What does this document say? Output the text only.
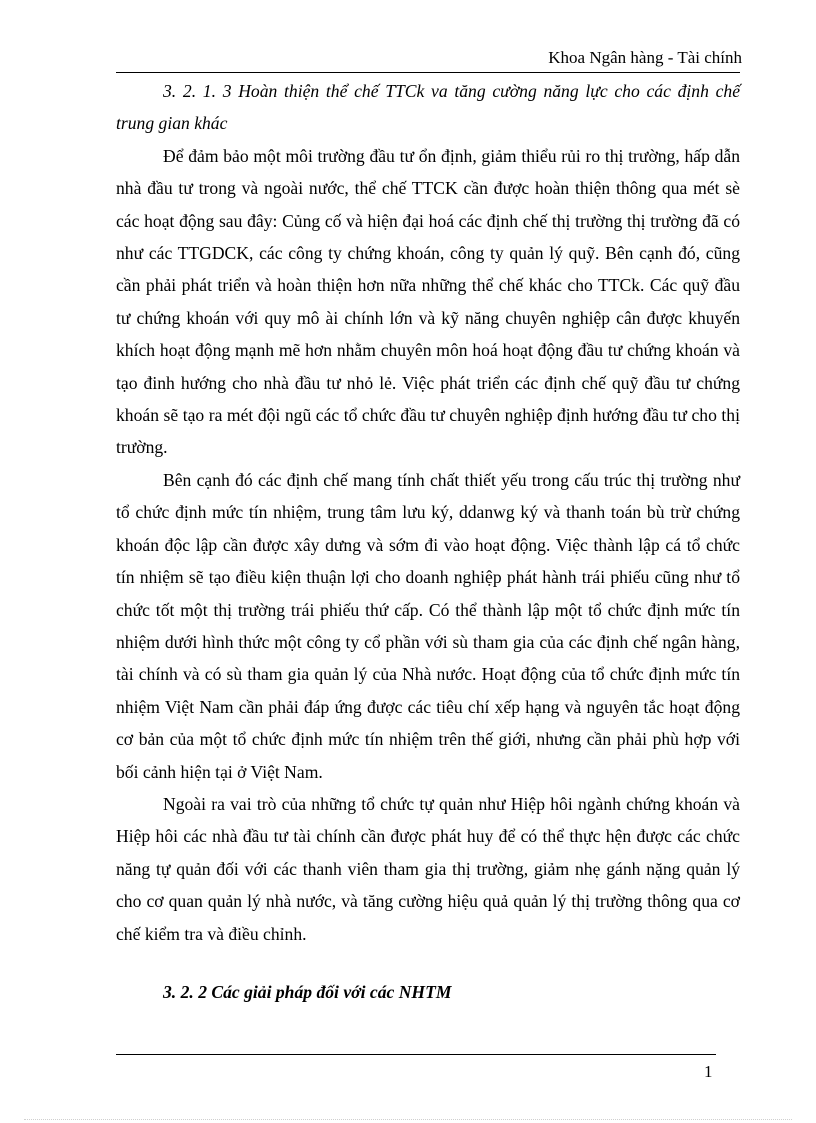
Khoa Ngân hàng - Tài chính

3. 2. 1. 3 Hoàn thiện thể chế TTCk va tăng cường năng lực cho các định chế trung gian khác

Để đảm bảo một môi trường đầu tư ổn định, giảm thiểu rủi ro thị trường, hấp dẫn nhà đầu tư trong và ngoài nước, thể chế TTCK cần được hoàn thiện thông qua mét sè các hoạt động sau đây: Củng cố và hiện đại hoá các định chế thị trường thị trường đã có như các TTGDCK, các công ty chứng khoán, công ty quản lý quỹ. Bên cạnh đó, cũng cần phải phát triển và hoàn thiện hơn nữa những thể chế khác cho TTCk. Các quỹ đầu tư chứng khoán với quy mô ài chính lớn và kỹ năng chuyên nghiệp cân được khuyến khích hoạt động mạnh mẽ hơn nhằm chuyên môn hoá hoạt động đầu tư chứng khoán và tạo đinh hướng cho nhà đầu tư nhỏ lẻ. Việc phát triển các định chế quỹ đầu tư chứng khoán sẽ tạo ra mét đội ngũ các tổ chức đầu tư chuyên nghiệp định hướng đầu tư cho thị trường.

Bên cạnh đó các định chế mang tính chất thiết yếu trong cấu trúc thị trường như tổ chức định mức tín nhiệm, trung tâm lưu ký, ddanwg ký và thanh toán bù trừ chứng khoán độc lập cần được xây dưng và sớm đi vào hoạt động. Việc thành lập cá tổ chức tín nhiệm sẽ tạo điều kiện thuận lợi cho doanh nghiệp phát hành trái phiếu cũng như tổ chức tốt một thị trường trái phiếu thứ cấp. Có thể thành lập một tổ chức định mức tín nhiệm dưới hình thức một công ty cổ phần với sù tham gia của các định chế ngân hàng, tài chính và có sù tham gia quản lý của Nhà nước. Hoạt động của tổ chức định mức tín nhiệm Việt Nam cần phải đáp ứng được các tiêu chí xếp hạng và nguyên tắc hoạt động cơ bản của một tổ chức định mức tín nhiệm trên thế giới, nhưng cần phải phù hợp với bối cảnh hiện tại ở Việt Nam.

Ngoài ra vai trò của những tổ chức tự quản như Hiệp hôi ngành chứng khoán và Hiệp hôi các nhà đầu tư tài chính cần được phát huy để có thể thực hện được các chức năng tự quản đối với các thanh viên tham gia thị trường, giảm nhẹ gánh nặng quản lý cho cơ quan quản lý nhà nước, và tăng cường hiệu quả quản lý thị trường thông qua cơ chế kiểm tra và điều chỉnh.

3. 2. 2 Các giải pháp đối với các NHTM

1
